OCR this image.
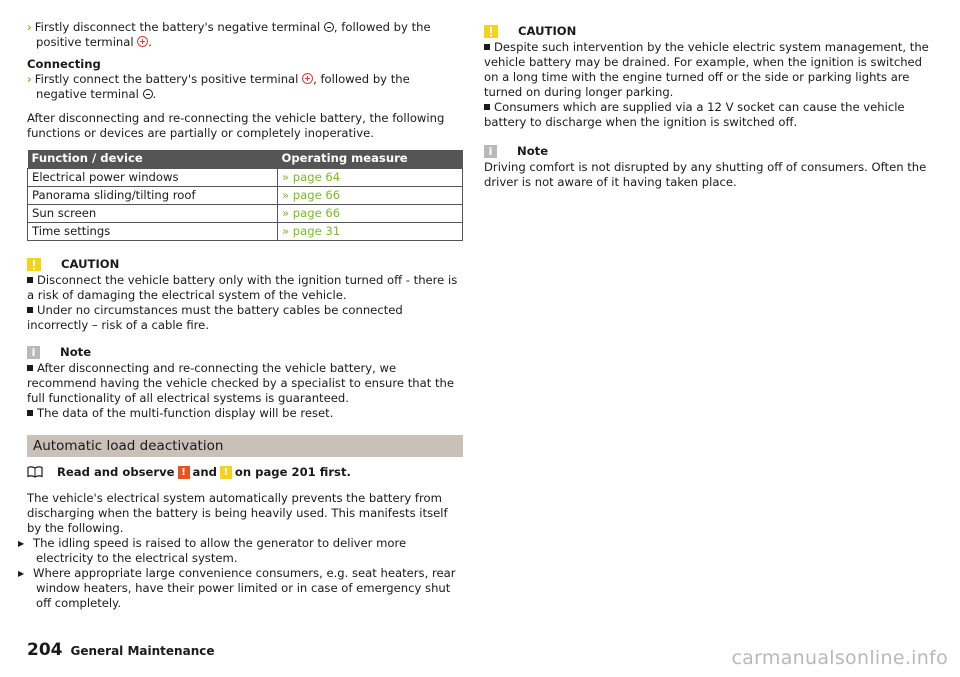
› Firstly disconnect the battery's negative terminal , followed by the positive terminal .

Connecting

› Firstly connect the battery's positive terminal , followed by the negative terminal .

After disconnecting and re-connecting the vehicle battery, the following functions or devices are partially or completely inoperative.

Function / device	Operating measure
Electrical power windows	» page 64
Panorama sliding/tilting roof	» page 66
Sun screen	» page 66
Time settings	» page 31
CAUTION

Disconnect the vehicle battery only with the ignition turned off - there is a risk of damaging the electrical system of the vehicle.

Under no circumstances must the battery cables be connected incorrectly – risk of a cable fire.

i	Note

After disconnecting and re-connecting the vehicle battery, we recommend having the vehicle checked by a specialist to ensure that the full functionality of all electrical systems is guaranteed.

The data of the multi-function display will be reset.

Automatic load deactivation
Read and observe ! and ! on page 201 first.

The vehicle's electrical system automatically prevents the battery from discharging when the battery is being heavily used. This manifests itself by the following.

▶ The idling speed is raised to allow the generator to deliver more electricity to the electrical system.

▶ Where appropriate large convenience consumers, e.g. seat heaters, rear window heaters, have their power limited or in case of emergency shut off completely.

CAUTION

Despite such intervention by the vehicle electric system management, the vehicle battery may be drained. For example, when the ignition is switched on a long time with the engine turned off or the side or parking lights are turned on during longer parking.

Consumers which are supplied via a 12 V socket can cause the vehicle battery to discharge when the ignition is switched off.

i	Note

Driving comfort is not disrupted by any shutting off of consumers. Often the driver is not aware of it having taken place.

204 General Maintenance	carmanualsonline.info
